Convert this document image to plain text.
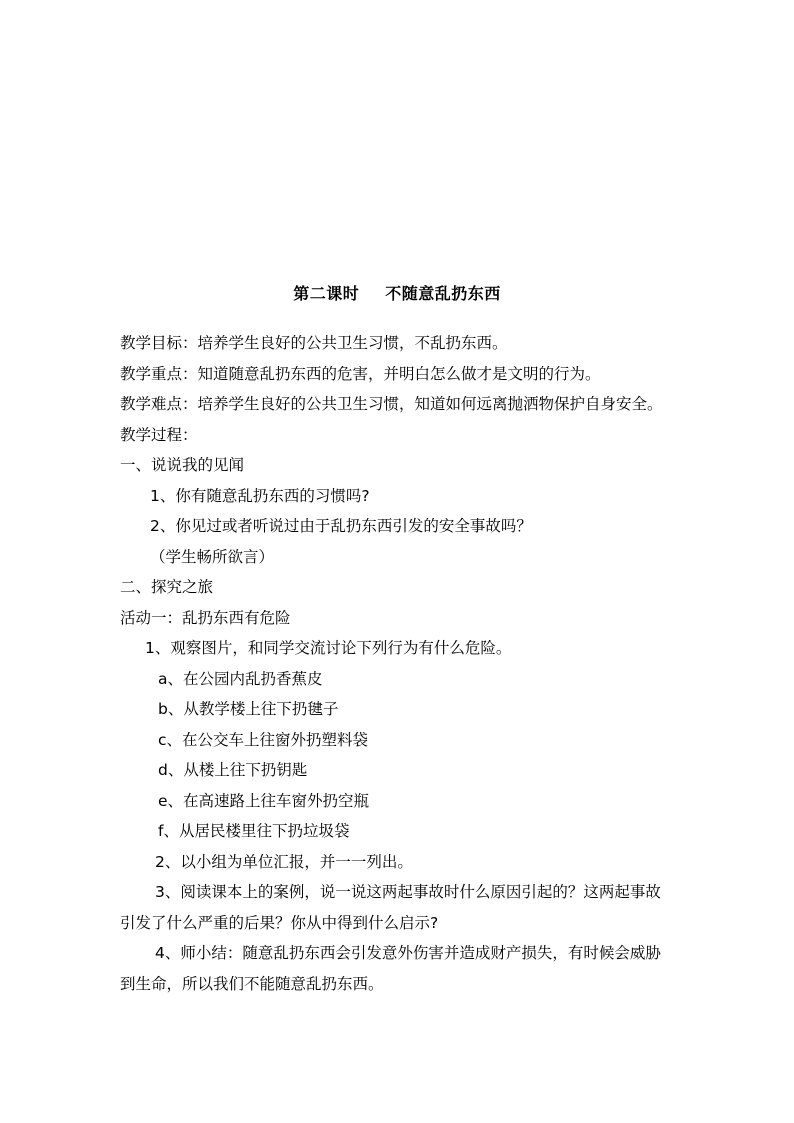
第二课时 不随意乱扔东西

教学目标：培养学生良好的公共卫生习惯，不乱扔东西。

教学重点：知道随意乱扔东西的危害，并明白怎么做才是文明的行为。

教学难点：培养学生良好的公共卫生习惯，知道如何远离抛洒物保护自身安全。

教学过程：

一、说说我的见闻

1、你有随意乱扔东西的习惯吗?

2、你见过或者听说过由于乱扔东西引发的安全事故吗？

（学生畅所欲言）

二、探究之旅

活动一：乱扔东西有危险

1、观察图片，和同学交流讨论下列行为有什么危险。

a、在公园内乱扔香蕉皮

b、从教学楼上往下扔毽子

c、在公交车上往窗外扔塑料袋

d、从楼上往下扔钥匙

e、在高速路上往车窗外扔空瓶

f、从居民楼里往下扔垃圾袋

2、以小组为单位汇报，并一一列出。

3、阅读课本上的案例，说一说这两起事故时什么原因引起的？这两起事故

引发了什么严重的后果？你从中得到什么启示?

4、师小结：随意乱扔东西会引发意外伤害并造成财产损失，有时候会威胁

到生命，所以我们不能随意乱扔东西。
